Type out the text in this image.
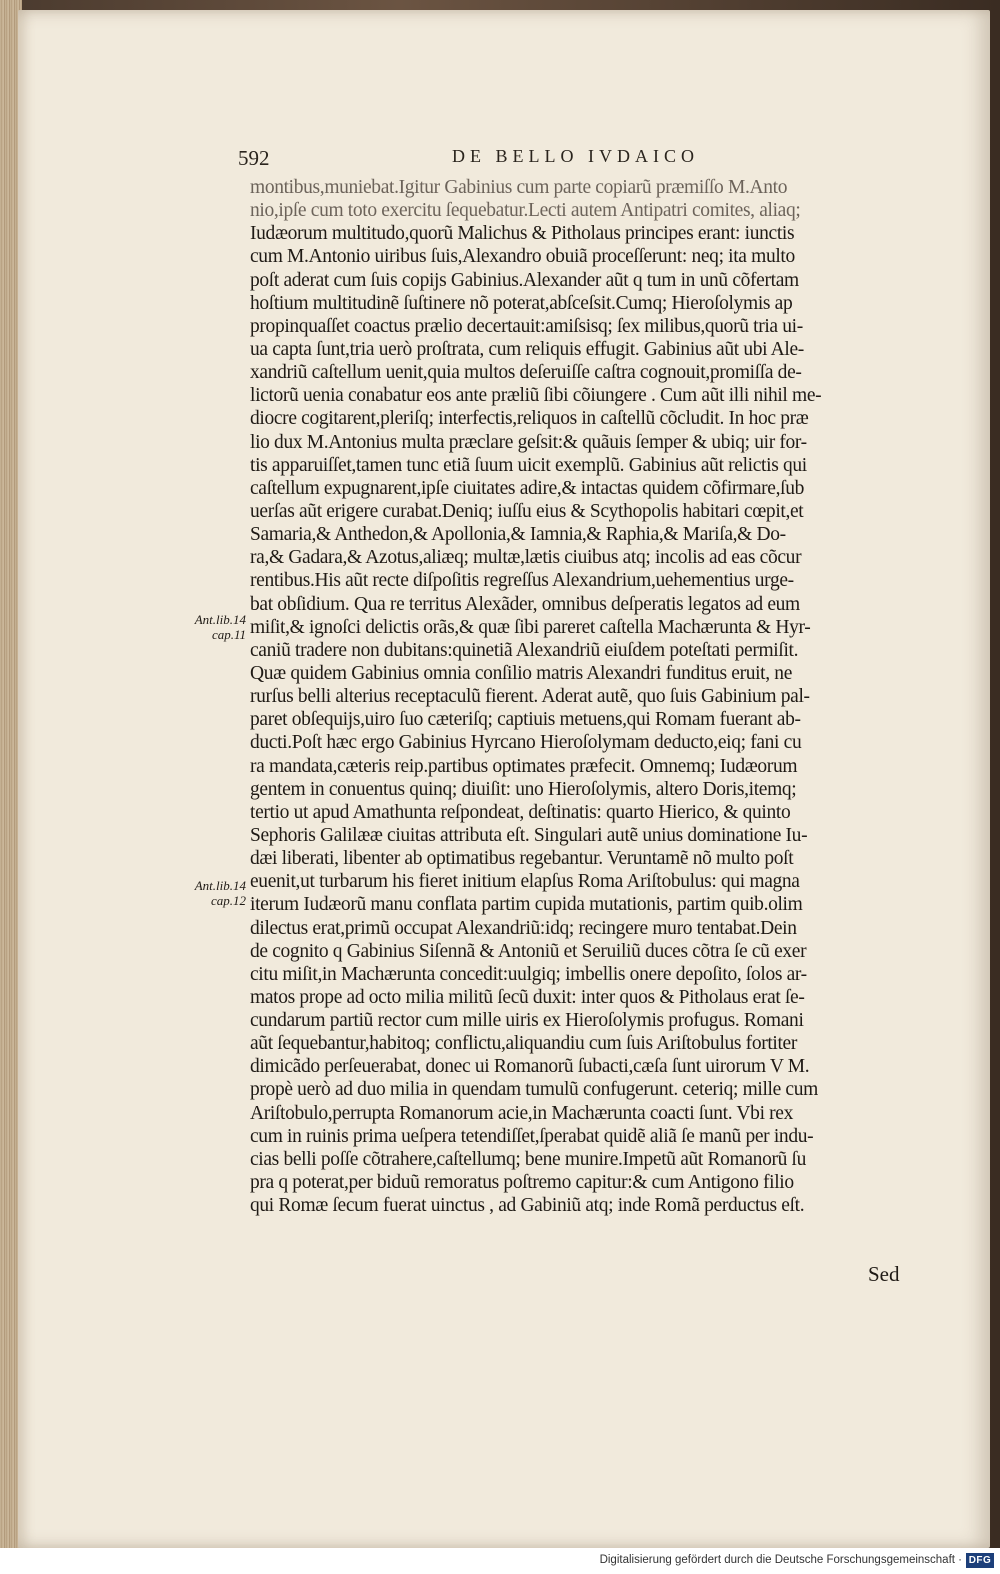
592	DE BELLO IVDAICO
montibus,muniebat.Igitur Gabinius cum parte copiarũ præmiſſo M.Anto
nio,ipſe cum toto exercitu ſequebatur.Lecti autem Antipatri comites, aliaq;
Iudæorum multitudo,quorũ Malichus & Pitholaus principes erant: iunctis
cum M.Antonio uiribus ſuis,Alexandro obuiã proceſſerunt: neq; ita multo
poſt aderat cum ſuis copijs Gabinius.Alexander aũt q tum in unũ cõfertam
hoſtium multitudinẽ ſuſtinere nõ poterat,abſceſsit.Cumq; Hieroſolymis ap
propinquaſſet coactus prælio decertauit:amiſsisq; ſex milibus,quorũ tria ui-
ua capta ſunt,tria uerò proſtrata, cum reliquis effugit. Gabinius aũt ubi Ale-
xandriũ caſtellum uenit,quia multos deſeruiſſe caſtra cognouit,promiſſa de-
lictorũ uenia conabatur eos ante præliũ ſibi cõiungere . Cum aũt illi nihil me-
diocre cogitarent,pleriſq; interfectis,reliquos in caſtellũ cõcludit. In hoc præ
lio dux M.Antonius multa præclare geſsit:& quãuis ſemper & ubiq; uir for-
tis apparuiſſet,tamen tunc etiã ſuum uicit exemplũ. Gabinius aũt relictis qui
caſtellum expugnarent,ipſe ciuitates adire,& intactas quidem cõfirmare,ſub
uerſas aũt erigere curabat.Deniq; iuſſu eius & Scythopolis habitari cœpit,et
Samaria,& Anthedon,& Apollonia,& Iamnia,& Raphia,& Mariſa,& Do-
ra,& Gadara,& Azotus,aliæq; multæ,lætis ciuibus atq; incolis ad eas cõcur
rentibus.His aũt recte diſpoſitis regreſſus Alexandrium,uehementius urge-
bat obſidium. Qua re territus Alexãder, omnibus deſperatis legatos ad eum
miſit,& ignoſci delictis orãs,& quæ ſibi pareret caſtella Machærunta & Hyr-
caniũ tradere non dubitans:quinetiã Alexandriũ eiuſdem poteſtati permiſit.
Quæ quidem Gabinius omnia conſilio matris Alexandri funditus eruit, ne
rurſus belli alterius receptaculũ fierent. Aderat autẽ, quo ſuis Gabinium pal-
paret obſequijs,uiro ſuo cæteriſq; captiuis metuens,qui Romam fuerant ab-
ducti.Poſt hæc ergo Gabinius Hyrcano Hieroſolymam deducto,eiq; fani cu
ra mandata,cæteris reip.partibus optimates præfecit. Omnemq; Iudæorum
gentem in conuentus quinq; diuiſit: uno Hieroſolymis, altero Doris,itemq;
tertio ut apud Amathunta reſpondeat, deſtinatis: quarto Hierico, & quinto
Sephoris Galilææ ciuitas attributa eſt. Singulari autẽ unius dominatione Iu-
dæi liberati, libenter ab optimatibus regebantur. Veruntamẽ nõ multo poſt
euenit,ut turbarum his fieret initium elapſus Roma Ariſtobulus: qui magna
iterum Iudæorũ manu conflata partim cupida mutationis, partim quib.olim
dilectus erat,primũ occupat Alexandriũ:idq; recingere muro tentabat.Dein
de cognito q Gabinius Siſennã & Antoniũ et Seruiliũ duces cõtra ſe cũ exer
citu miſit,in Machærunta concedit:uulgiq; imbellis onere depoſito, ſolos ar-
matos prope ad octo milia militũ ſecũ duxit: inter quos & Pitholaus erat ſe-
cundarum partiũ rector cum mille uiris ex Hieroſolymis profugus. Romani
aũt ſequebantur,habitoq; conflictu,aliquandiu cum ſuis Ariſtobulus fortiter
dimicãdo perſeuerabat, donec ui Romanorũ ſubacti,cæſa ſunt uirorum V M.
propè uerò ad duo milia in quendam tumulũ confugerunt. ceteriq; mille cum
Ariſtobulo,perrupta Romanorum acie,in Machærunta coacti ſunt. Vbi rex
cum in ruinis prima ueſpera tetendiſſet,ſperabat quidẽ aliã ſe manũ per indu-
cias belli poſſe cõtrahere,caſtellumq; bene munire.Impetũ aũt Romanorũ ſu
pra q poterat,per biduũ remoratus poſtremo capitur:& cum Antigono filio
qui Romæ ſecum fuerat uinctus , ad Gabiniũ atq; inde Romã perductus eſt.
Sed
Ant.lib.14
cap.11
Ant.lib.14
cap.12
Digitalisierung gefördert durch die Deutsche Forschungsgemeinschaft · DFG
